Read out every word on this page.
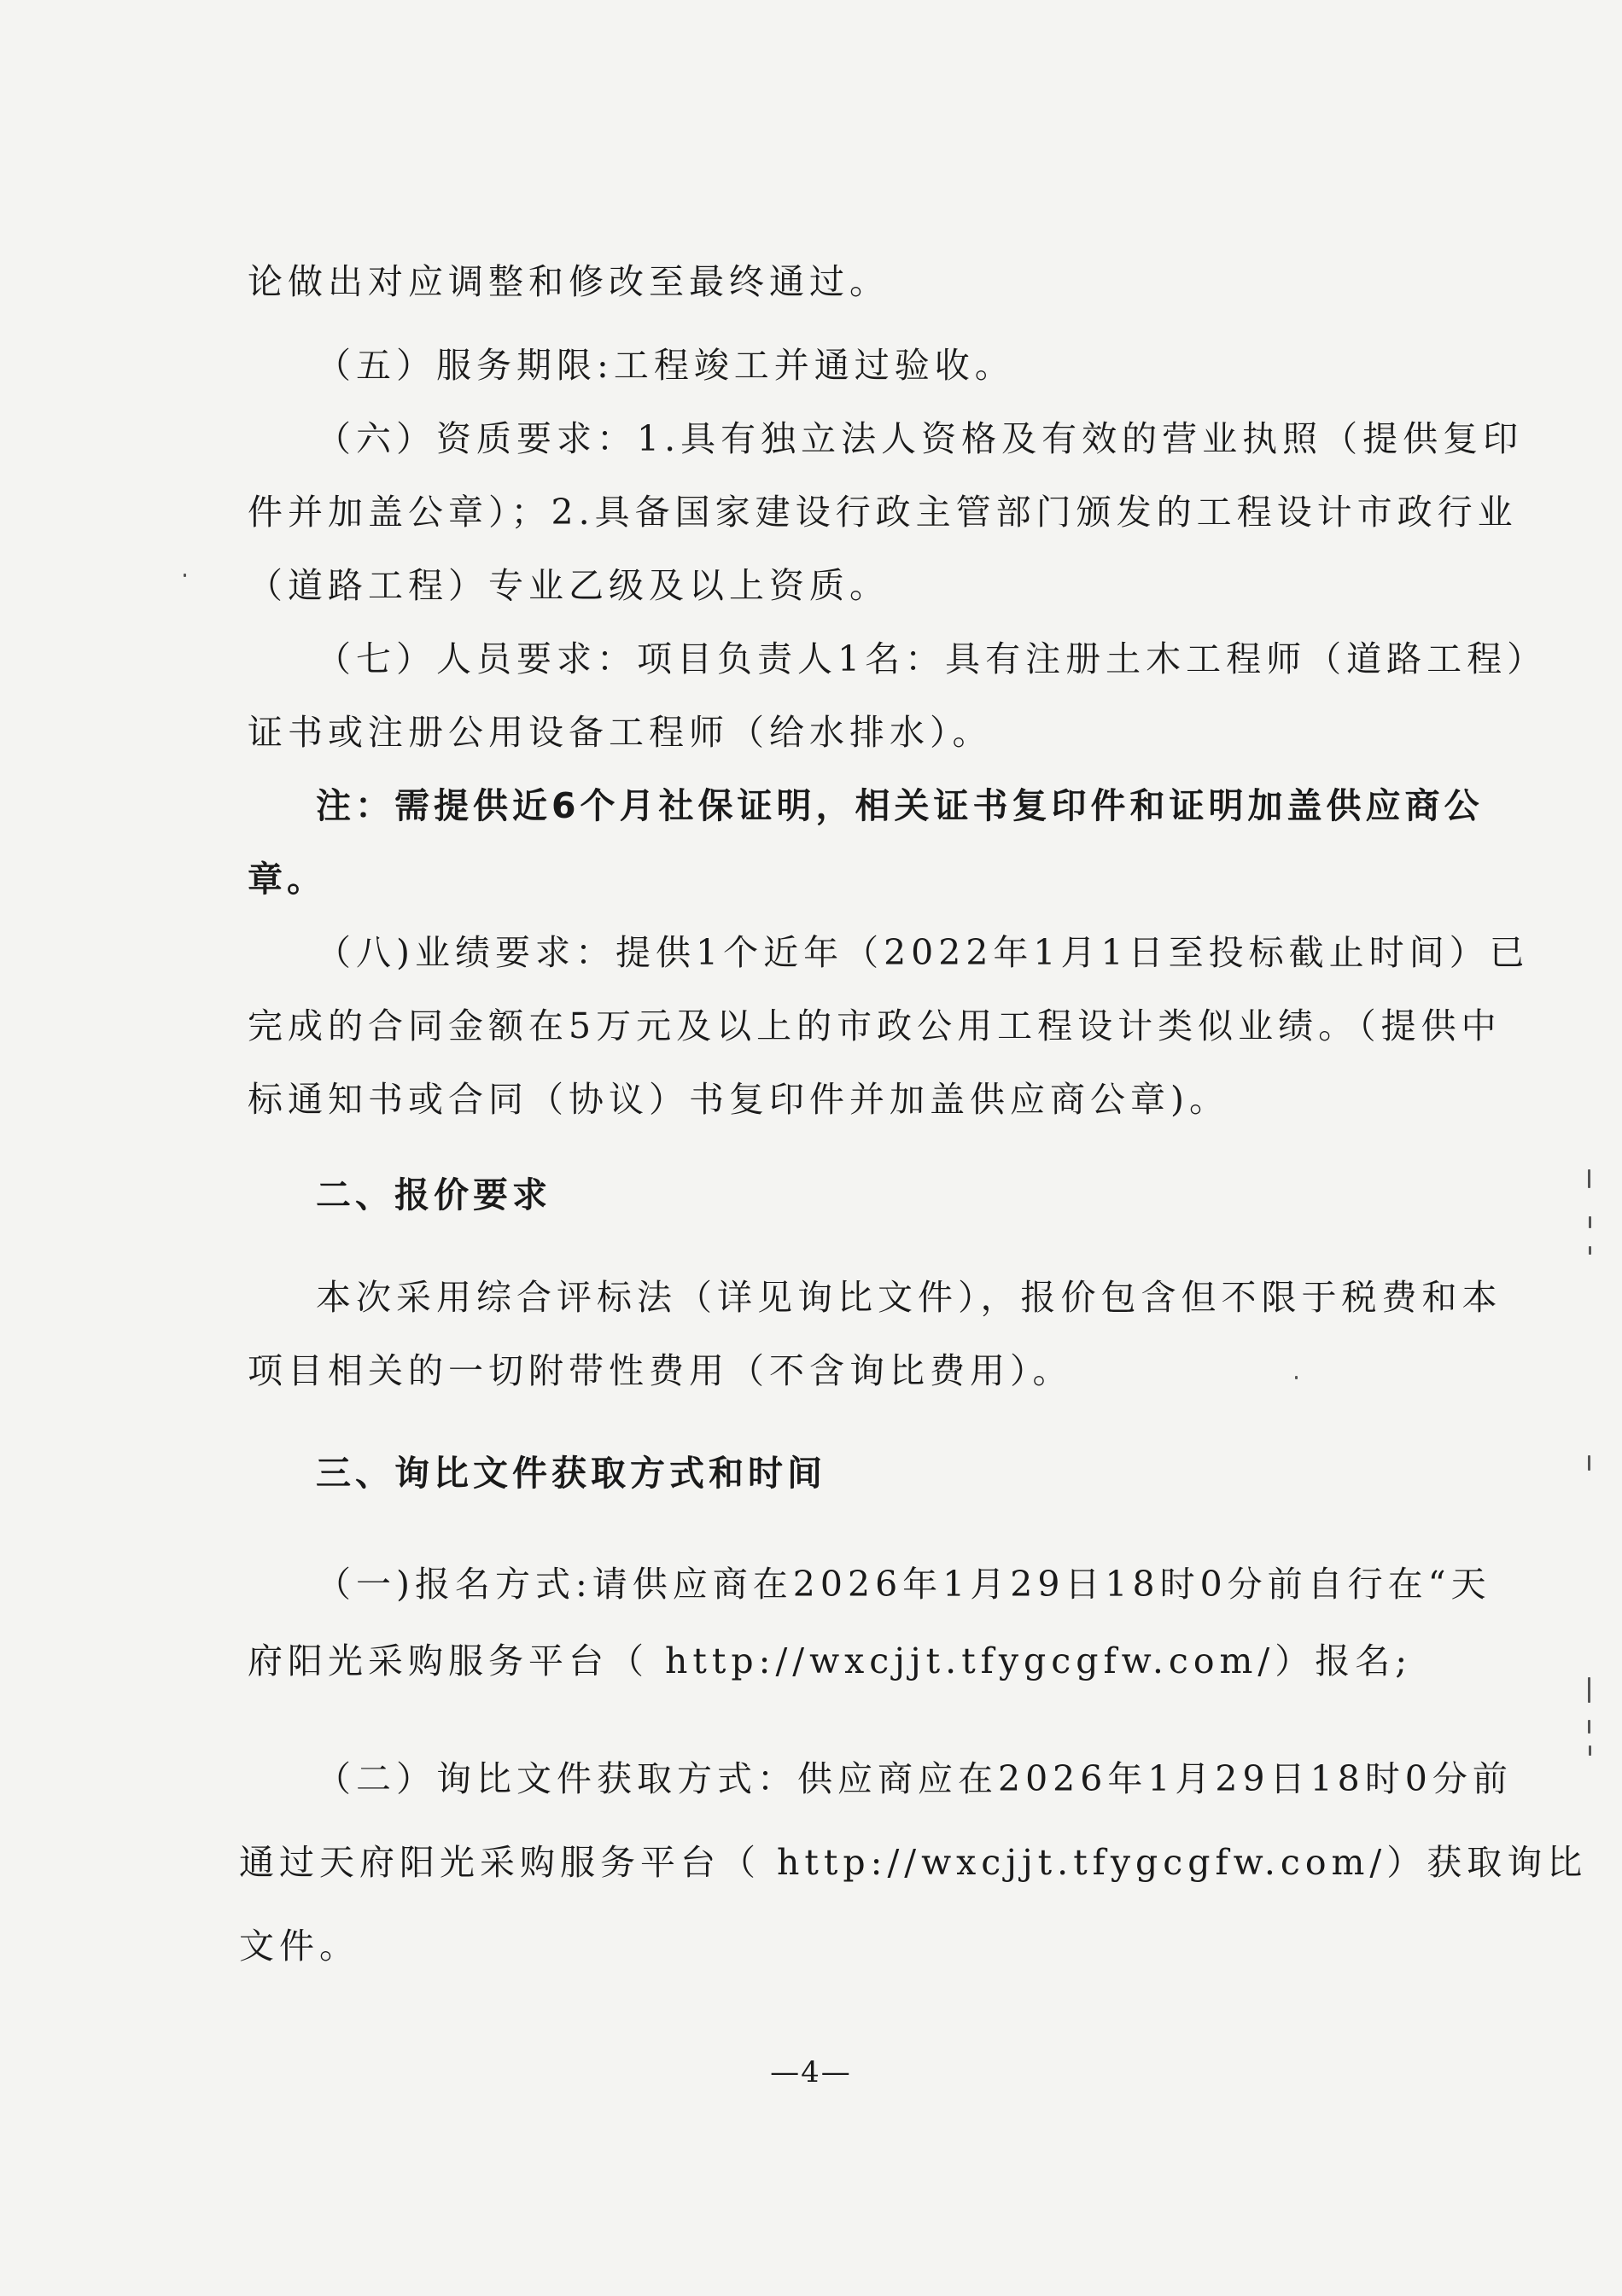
论做出对应调整和修改至最终通过。
（五）服务期限:工程竣工并通过验收。
（六）资质要求：1.具有独立法人资格及有效的营业执照（提供复印
件并加盖公章）；2.具备国家建设行政主管部门颁发的工程设计市政行业
（道路工程）专业乙级及以上资质。
（七）人员要求：项目负责人1名：具有注册土木工程师（道路工程）
证书或注册公用设备工程师（给水排水）。
注：需提供近6个月社保证明，相关证书复印件和证明加盖供应商公
章。
（八)业绩要求：提供1个近年（2022年1月1日至投标截止时间）已
完成的合同金额在5万元及以上的市政公用工程设计类似业绩。（提供中
标通知书或合同（协议）书复印件并加盖供应商公章)。
二、报价要求
本次采用综合评标法（详见询比文件），报价包含但不限于税费和本
项目相关的一切附带性费用（不含询比费用）。
三、询比文件获取方式和时间
（一)报名方式:请供应商在2026年1月29日18时0分前自行在“天
府阳光采购服务平台（ http://wxcjjt.tfygcgfw.com/）报名;
（二）询比文件获取方式：供应商应在2026年1月29日18时0分前
通过天府阳光采购服务平台（ http://wxcjjt.tfygcgfw.com/）获取询比
文件。
—4—
